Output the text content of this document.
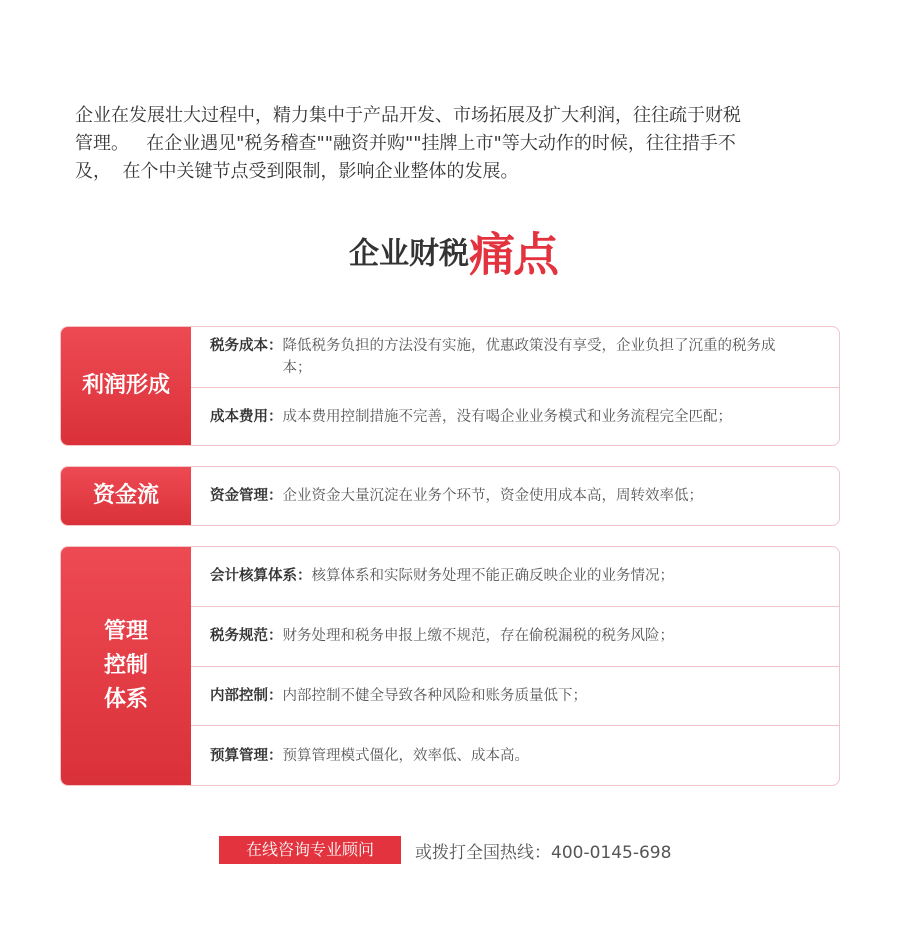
企业在发展壮大过程中，精力集中于产品开发、市场拓展及扩大利润，往往疏于财税
管理。   在企业遇见"税务稽查""融资并购""挂牌上市"等大动作的时候，往往措手不
及，  在个中关键节点受到限制，影响企业整体的发展。
企业财税痛点
利润形成
税务成本： 降低税务负担的方法没有实施，优惠政策没有享受，企业负担了沉重的税务成本；
成本费用： 成本费用控制措施不完善，没有喝企业业务模式和业务流程完全匹配；
资金流	资金管理： 企业资金大量沉淀在业务个环节，资金使用成本高，周转效率低；
管理
控制
体系
会计核算体系： 核算体系和实际财务处理不能正确反映企业的业务情况；
税务规范： 财务处理和税务申报上缴不规范，存在偷税漏税的税务风险；
内部控制： 内部控制不健全导致各种风险和账务质量低下；
预算管理： 预算管理模式僵化，效率低、成本高。
在线咨询专业顾问	或拨打全国热线：400-0145-698
